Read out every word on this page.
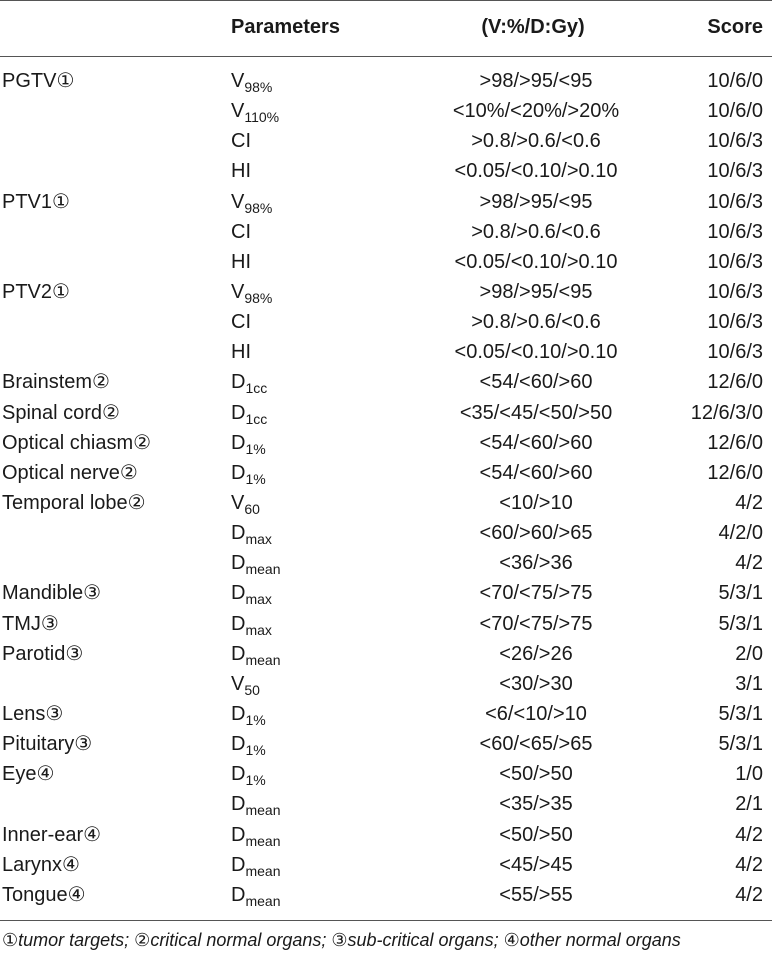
Parameters	(V:%/D:Gy)	Score
PGTV①	$V_{98\%}$	>98/>95/<95	10/6/0
$V_{110\%}$	<10%/<20%/>20%	10/6/0
CI	>0.8/>0.6/<0.6	10/6/3
HI	<0.05/<0.10/>0.10	10/6/3
PTV1①	$V_{98\%}$	>98/>95/<95	10/6/3
CI	>0.8/>0.6/<0.6	10/6/3
HI	<0.05/<0.10/>0.10	10/6/3
PTV2①	$V_{98\%}$	>98/>95/<95	10/6/3
CI	>0.8/>0.6/<0.6	10/6/3
HI	<0.05/<0.10/>0.10	10/6/3
Brainstem②	$D_{1cc}$	<54/<60/>60	12/6/0
Spinal cord②	$D_{1cc}$	<35/<45/<50/>50	12/6/3/0
Optical chiasm②	$D_{1\%}$	<54/<60/>60	12/6/0
Optical nerve②	$D_{1\%}$	<54/<60/>60	12/6/0
Temporal lobe②	$V_{60}$	<10/>10	4/2
$D_{max}$	<60/>60/>65	4/2/0
$D_{mean}$	<36/>36	4/2
Mandible③	$D_{max}$	<70/<75/>75	5/3/1
TMJ③	$D_{max}$	<70/<75/>75	5/3/1
Parotid③	$D_{mean}$	<26/>26	2/0
$V_{50}$	<30/>30	3/1
Lens③	$D_{1\%}$	<6/<10/>10	5/3/1
Pituitary③	$D_{1\%}$	<60/<65/>65	5/3/1
Eye④	$D_{1\%}$	<50/>50	1/0
$D_{mean}$	<35/>35	2/1
Inner-ear④	$D_{mean}$	<50/>50	4/2
Larynx④	$D_{mean}$	<45/>45	4/2
Tongue④	$D_{mean}$	<55/>55	4/2
①tumor targets; ②critical normal organs; ③sub-critical organs; ④other normal organs
